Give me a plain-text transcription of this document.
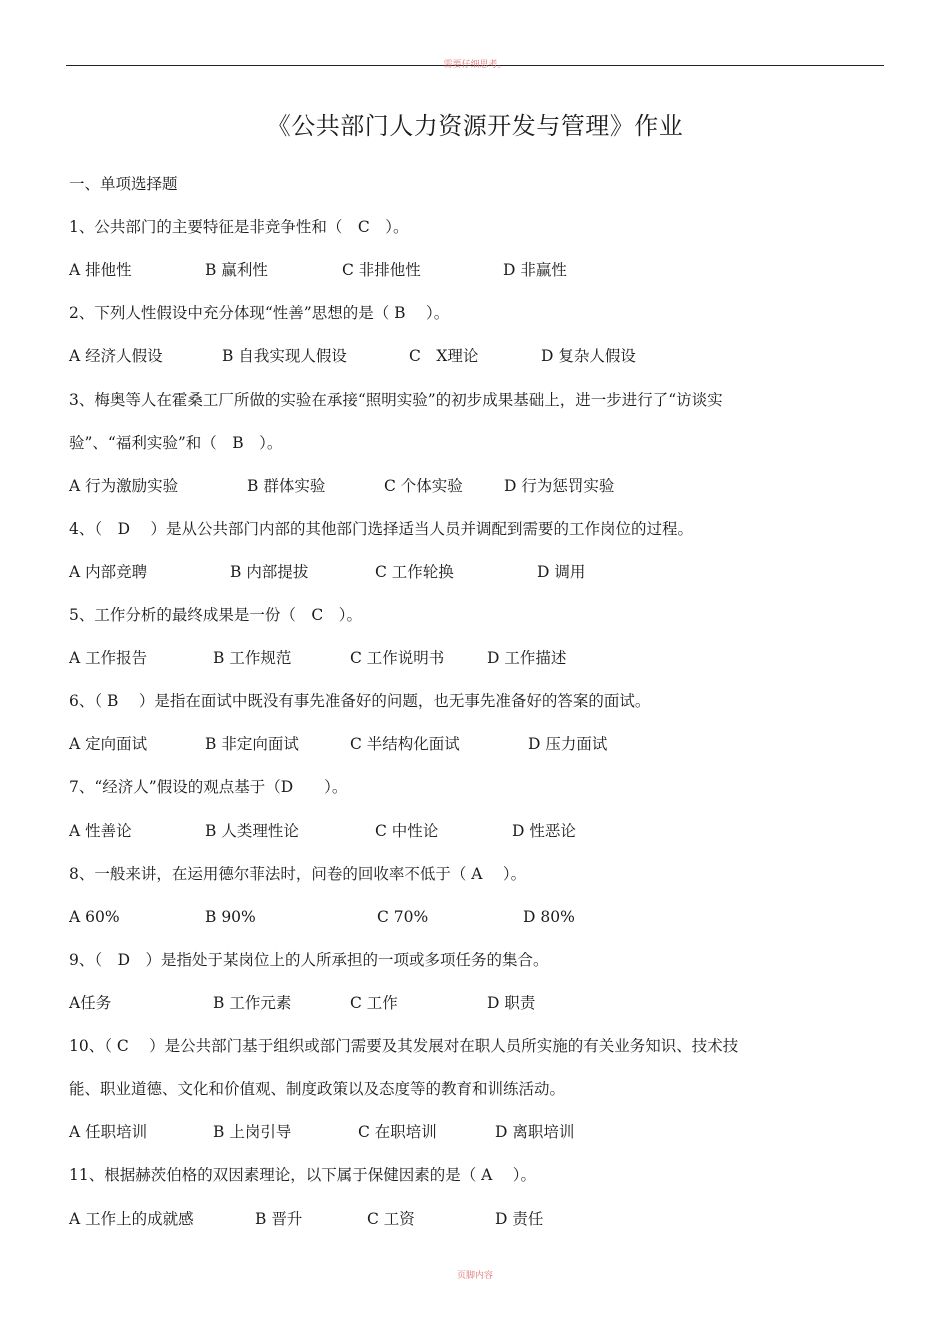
需要仔细思考。
《公共部门人力资源开发与管理》作业
一、单项选择题
1、公共部门的主要特征是非竞争性和（　C　）。
A 排他性	B 赢利性	C 非排他性	D 非赢性
2、下列人性假设中充分体现“性善”思想的是（ B　 ）。
A 经济人假设	B 自我实现人假设	C　X理论	D 复杂人假设
3、梅奥等人在霍桑工厂所做的实验在承接“照明实验”的初步成果基础上，进一步进行了“访谈实
验”、“福利实验”和（　B　）。
A 行为激励实验	B 群体实验	C 个体实验	D 行为惩罚实验
4、（　D　 ）是从公共部门内部的其他部门选择适当人员并调配到需要的工作岗位的过程。
A 内部竞聘	B 内部提拔	C 工作轮换	D 调用
5、工作分析的最终成果是一份（　C　）。
A 工作报告	B 工作规范	C 工作说明书	D 工作描述
6、（ B　 ）是指在面试中既没有事先准备好的问题，也无事先准备好的答案的面试。
A 定向面试	B 非定向面试	C 半结构化面试	D 压力面试
7、“经济人”假设的观点基于（D　　）。
A 性善论	B 人类理性论	C 中性论	D 性恶论
8、一般来讲，在运用德尔菲法时，问卷的回收率不低于（ A　 ）。
A 60%	B 90%	C 70%	D 80%
9、（　D　）是指处于某岗位上的人所承担的一项或多项任务的集合。
A任务	B 工作元素	C 工作	D 职责
10、（ C　 ）是公共部门基于组织或部门需要及其发展对在职人员所实施的有关业务知识、技术技
能、职业道德、文化和价值观、制度政策以及态度等的教育和训练活动。
A 任职培训	B 上岗引导	C 在职培训	D 离职培训
11、根据赫茨伯格的双因素理论，以下属于保健因素的是（ A　 ）。
A 工作上的成就感	B 晋升	C 工资	D 责任
页脚内容
